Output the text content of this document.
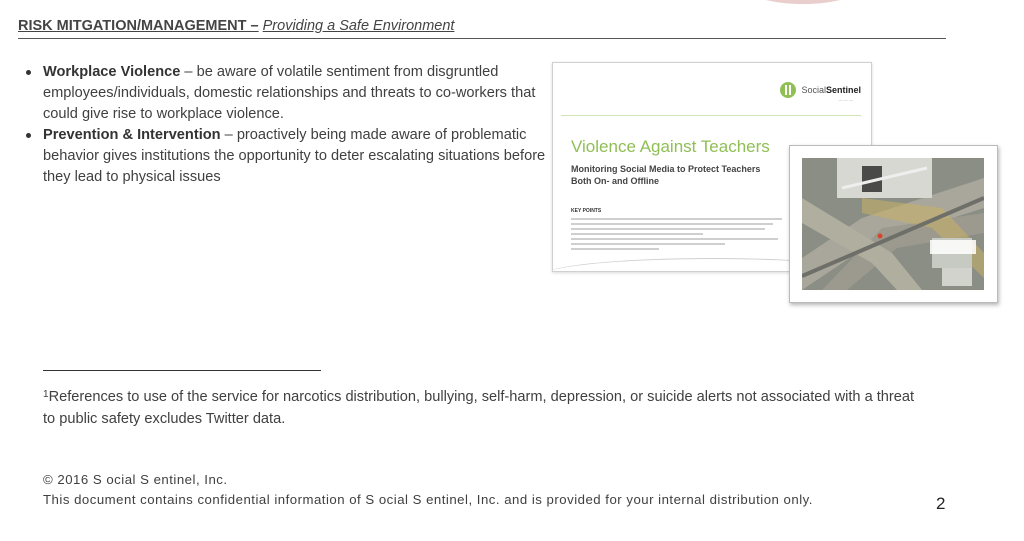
RISK MITGATION/MANAGEMENT – Providing a Safe Environment
Workplace Violence – be aware of volatile sentiment from disgruntled employees/individuals, domestic relationships and threats to co-workers that could give rise to workplace violence.
Prevention & Intervention – proactively being made aware of problematic behavior gives institutions the opportunity to deter escalating situations before they lead to physical issues
SocialSentinel
— — —
Violence Against Teachers
Monitoring Social Media to Protect Teachers
Both On- and Offline
KEY POINTS
$^1$References to use of the service for narcotics distribution, bullying, self-harm, depression, or suicide alerts not associated with a threat to public safety excludes Twitter data.
© 2016 S ocial S entinel, Inc.
This document contains confidential information of S ocial S entinel, Inc. and is provided for your internal distribution only.	2
